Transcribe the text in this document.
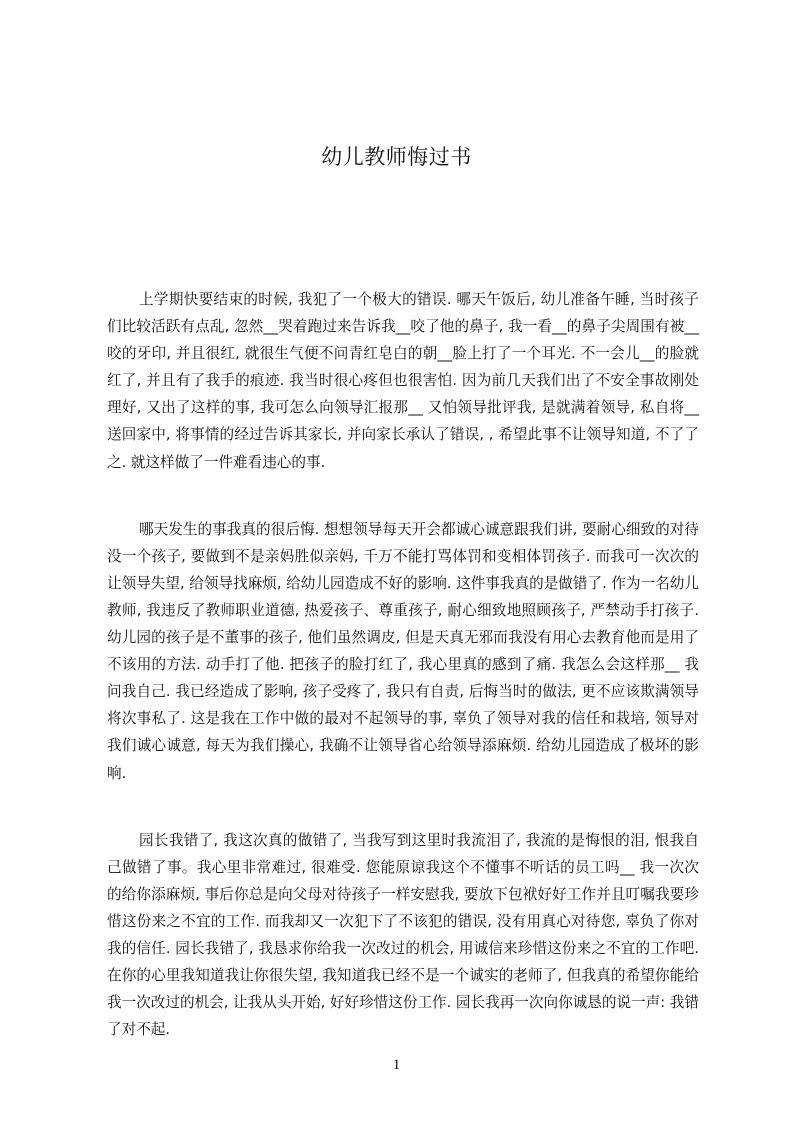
幼儿教师悔过书

上学期快要结束的时候, 我犯了一个极大的错误. 哪天午饭后, 幼儿准备午睡, 当时孩子们比较活跃有点乱, 忽然__哭着跑过来告诉我__咬了他的鼻子, 我一看__的鼻子尖周围有被__咬的牙印, 并且很红, 就很生气便不问青红皂白的朝__脸上打了一个耳光. 不一会儿__的脸就红了, 并且有了我手的痕迹. 我当时很心疼但也很害怕. 因为前几天我们出了不安全事故刚处理好, 又出了这样的事, 我可怎么向领导汇报那__ 又怕领导批评我, 是就满着领导, 私自将__送回家中, 将事情的经过告诉其家长, 并向家长承认了错误, , 希望此事不让领导知道, 不了了之. 就这样做了一件难看违心的事.

哪天发生的事我真的很后悔. 想想领导每天开会都诚心诚意跟我们讲, 要耐心细致的对待没一个孩子, 要做到不是亲妈胜似亲妈, 千万不能打骂体罚和变相体罚孩子. 而我可一次次的让领导失望, 给领导找麻烦, 给幼儿园造成不好的影响. 这件事我真的是做错了. 作为一名幼儿教师, 我违反了教师职业道德, 热爱孩子、尊重孩子, 耐心细致地照顾孩子, 严禁动手打孩子. 幼儿园的孩子是不董事的孩子, 他们虽然调皮, 但是天真无邪而我没有用心去教育他而是用了不该用的方法. 动手打了他. 把孩子的脸打红了, 我心里真的感到了痛. 我怎么会这样那__ 我问我自己. 我已经造成了影响, 孩子受疼了, 我只有自责, 后悔当时的做法, 更不应该欺满领导将次事私了. 这是我在工作中做的最对不起领导的事, 辜负了领导对我的信任和栽培, 领导对我们诚心诚意, 每天为我们操心, 我确不让领导省心给领导添麻烦. 给幼儿园造成了极坏的影响.

园长我错了, 我这次真的做错了, 当我写到这里时我流泪了, 我流的是悔恨的泪, 恨我自己做错了事。我心里非常难过, 很难受. 您能原谅我这个不懂事不听话的员工吗__ 我一次次的给你添麻烦, 事后你总是向父母对待孩子一样安慰我, 要放下包袱好好工作并且叮嘱我要珍惜这份来之不宜的工作. 而我却又一次犯下了不该犯的错误, 没有用真心对待您, 辜负了你对我的信任. 园长我错了, 我恳求你给我一次改过的机会, 用诚信来珍惜这份来之不宜的工作吧. 在你的心里我知道我让你很失望, 我知道我已经不是一个诚实的老师了, 但我真的希望你能给我一次改过的机会, 让我从头开始, 好好珍惜这份工作. 园长我再一次向你诚恳的说一声: 我错了对不起.

1
